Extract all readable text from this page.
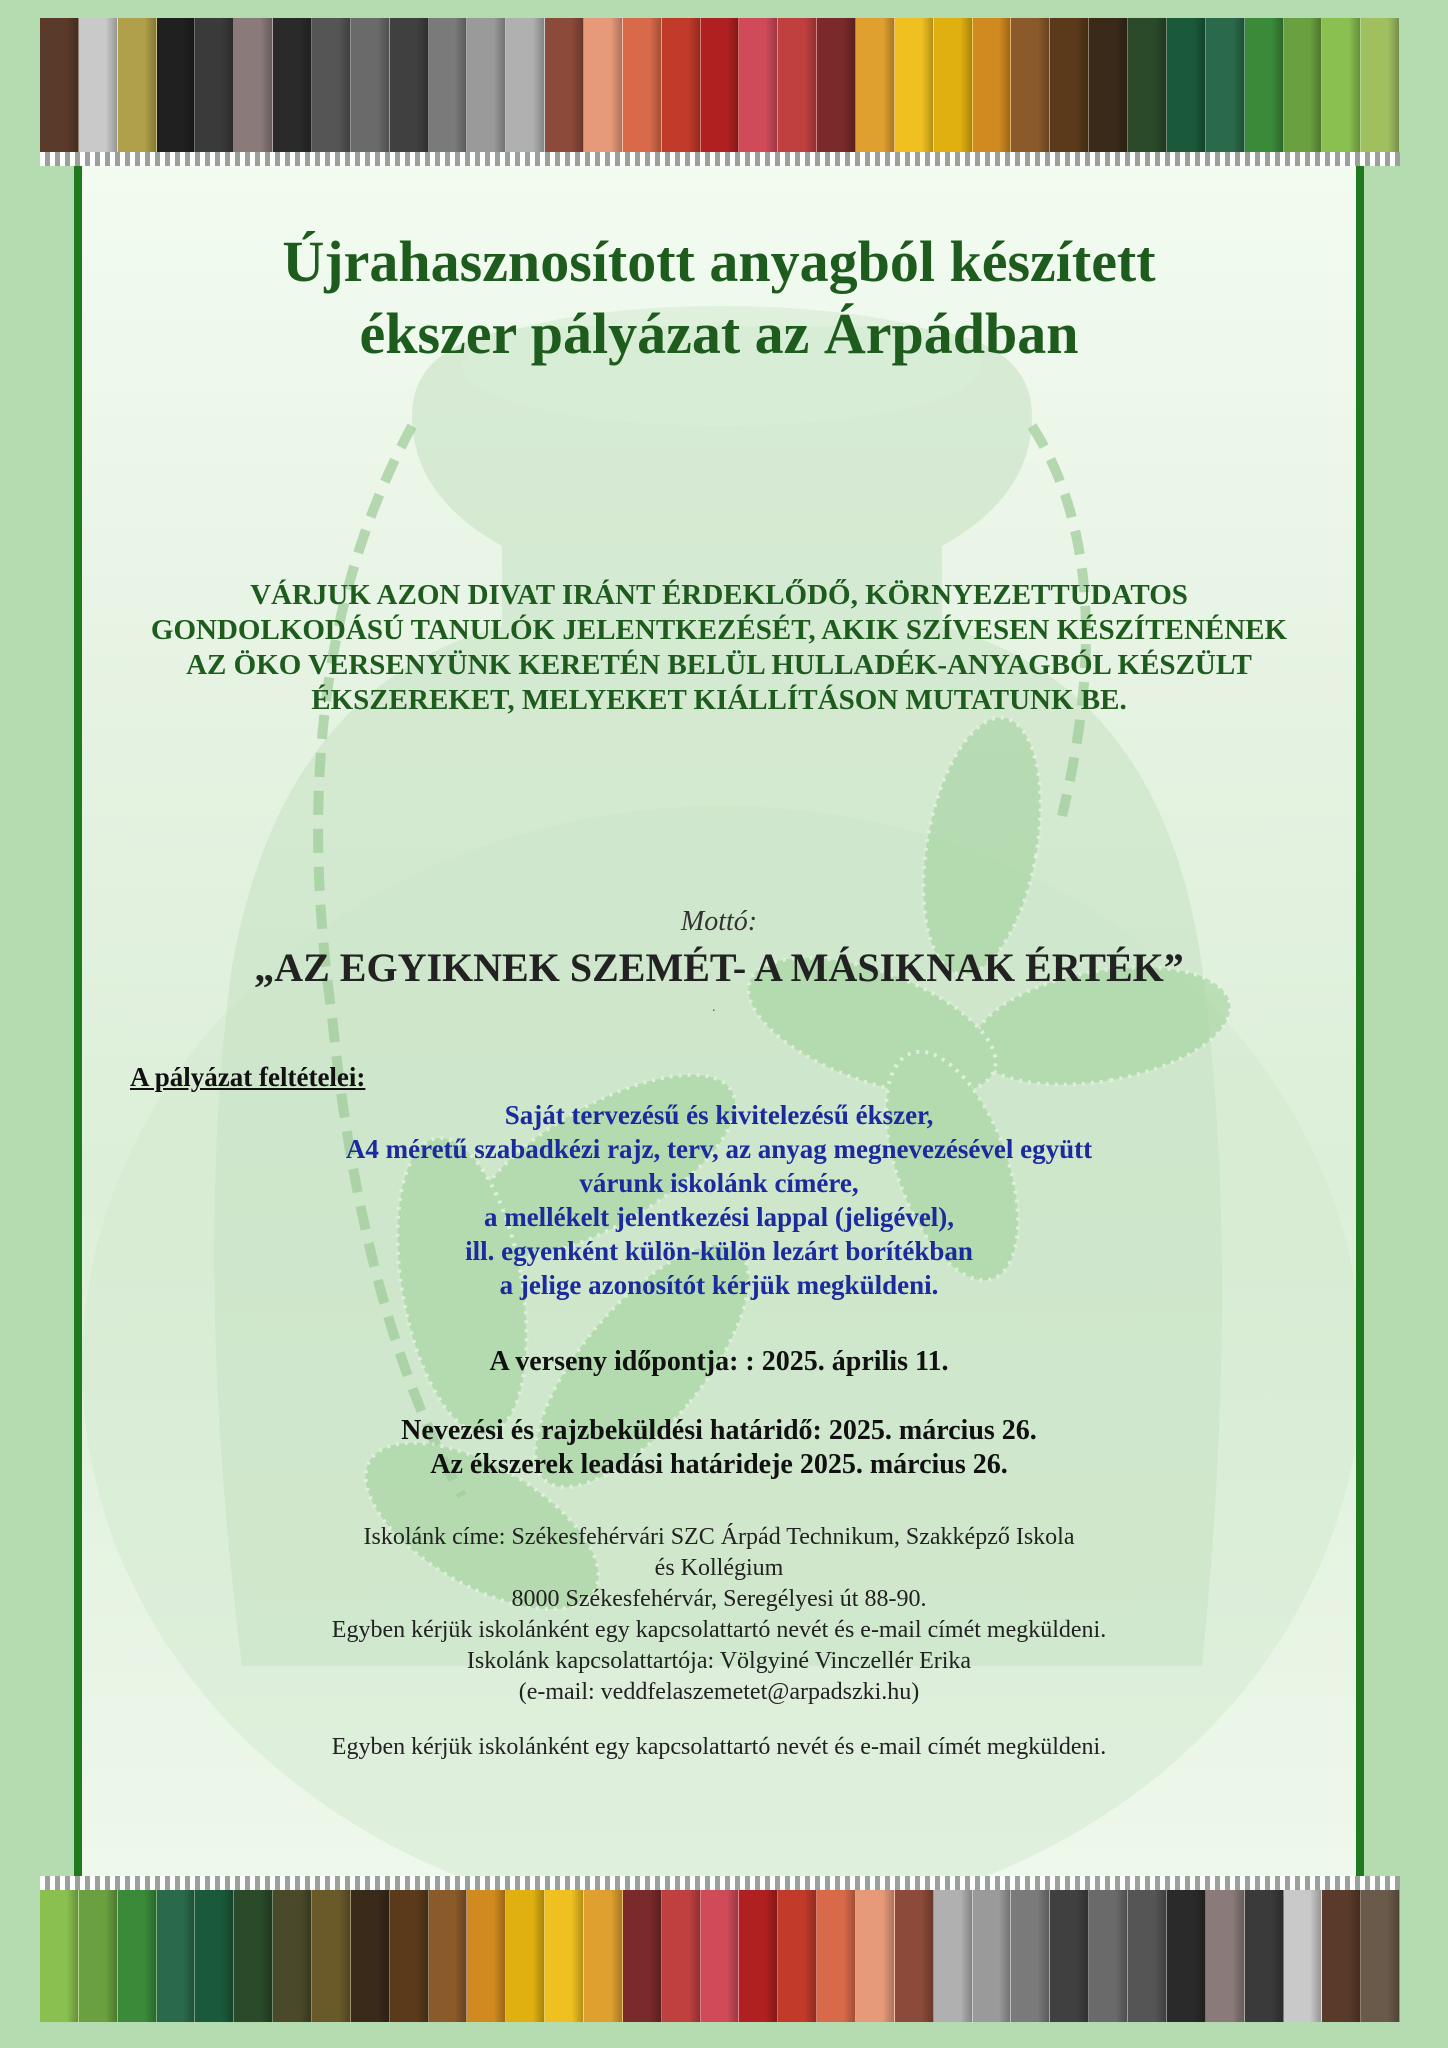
Újrahasznosított anyagból készített
ékszer pályázat az Árpádban

VÁRJUK AZON DIVAT IRÁNT ÉRDEKLŐDŐ, KÖRNYEZETTUDATOS GONDOLKODÁSÚ TANULÓK JELENTKEZÉSÉT, AKIK SZÍVESEN KÉSZÍTENÉNEK AZ ÖKO VERSENYÜNK KERETÉN BELÜL HULLADÉK-ANYAGBÓL KÉSZÜLT ÉKSZEREKET, MELYEKET KIÁLLÍTÁSON MUTATUNK BE.

Mottó:
„AZ EGYIKNEK SZEMÉT- A MÁSIKNAK ÉRTÉK”
.
A pályázat feltételei:
Saját tervezésű és kivitelezésű ékszer,
A4 méretű szabadkézi rajz, terv, az anyag megnevezésével együtt
várunk iskolánk címére,
a mellékelt jelentkezési lappal (jeligével),
ill. egyenként külön-külön lezárt borítékban
a jelige azonosítót kérjük megküldeni.
A verseny időpontja: : 2025. április 11.
Nevezési és rajzbeküldési határidő: 2025. március 26.
Az ékszerek leadási határideje 2025. március 26.
Iskolánk címe: Székesfehérvári SZC Árpád Technikum, Szakképző Iskola
és Kollégium
8000 Székesfehérvár, Seregélyesi út 88-90.
Egyben kérjük iskolánként egy kapcsolattartó nevét és e-mail címét megküldeni.
Iskolánk kapcsolattartója: Völgyiné Vinczellér Erika
(e-mail: veddfelaszemetet@arpadszki.hu)
Egyben kérjük iskolánként egy kapcsolattartó nevét és e-mail címét megküldeni.
